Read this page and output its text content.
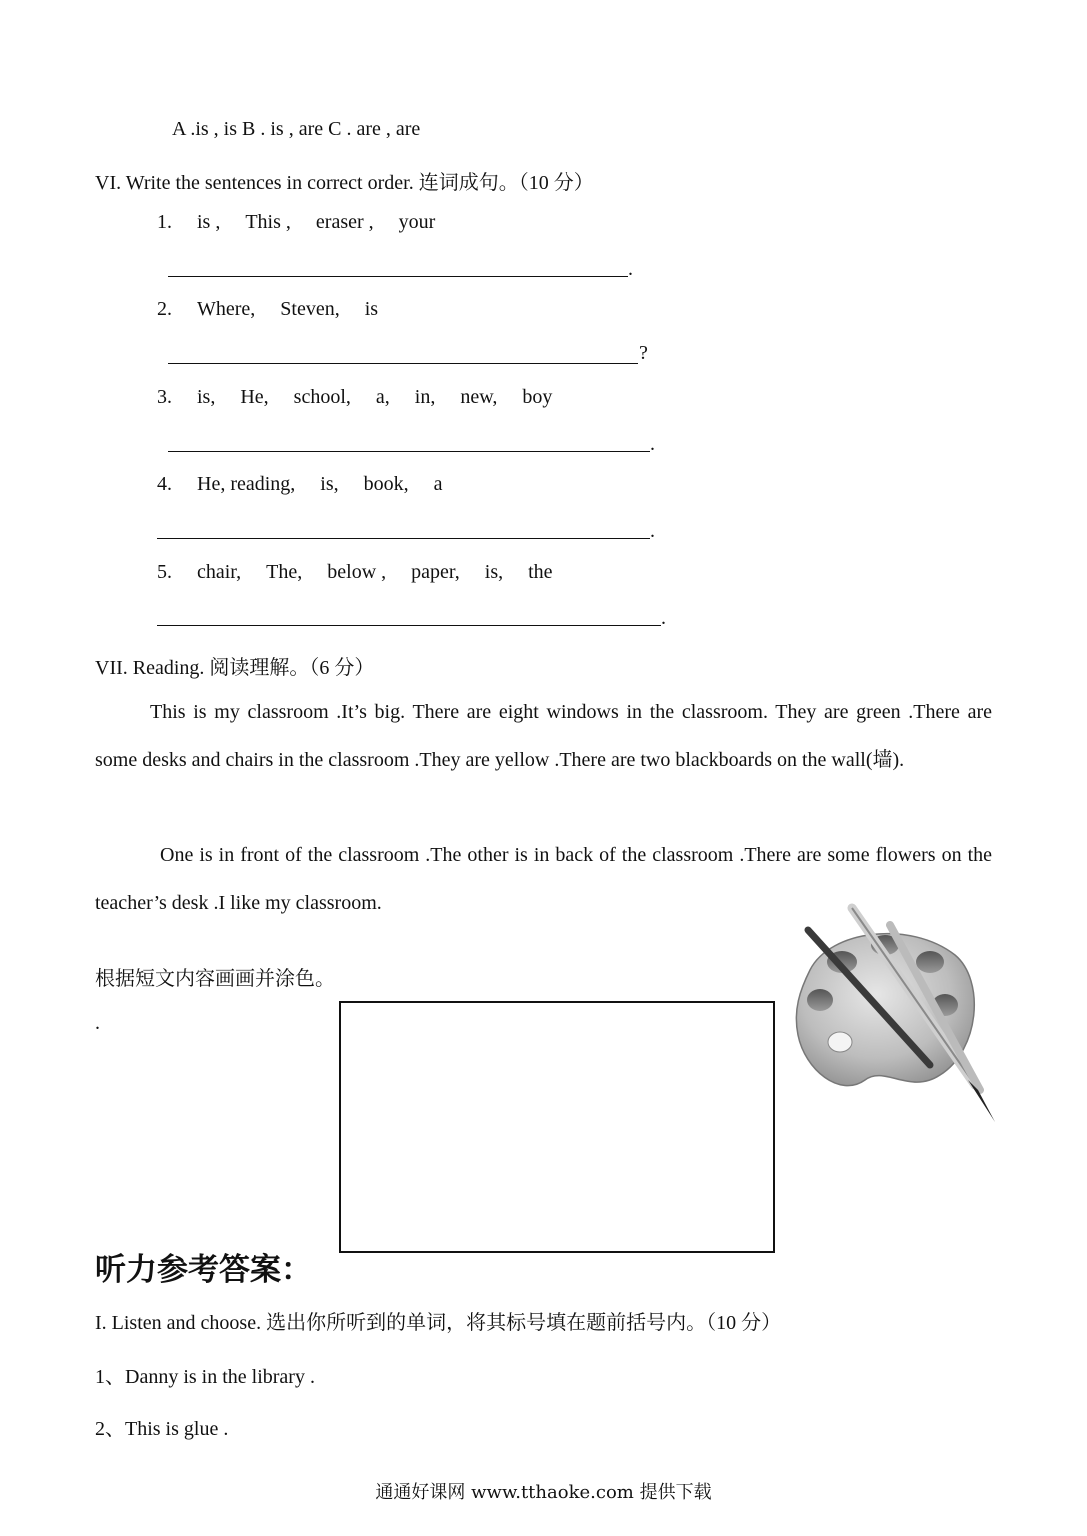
A .is , is B . is , are C . are , are
VI. Write the sentences in correct order. 连词成句。（10 分）
1. is , This , eraser , your
.
2. Where, Steven, is
?
3. is, He, school, a, in, new, boy
.
4. He, reading, is, book, a
.
5. chair, The, below , paper, is, the
.
VII. Reading. 阅读理解。（6 分）
This is my classroom .It’s big. There are eight windows in the classroom. They are green .There are some desks and chairs in the classroom .They are yellow .There are two blackboards on the wall(墙).
One is in front of the classroom .The other is in back of the classroom .There are some flowers on the teacher’s desk .I like my classroom.
根据短文内容画画并涂色。
.
听力参考答案：
I. Listen and choose. 选出你所听到的单词，将其标号填在题前括号内。（10 分）
1、Danny is in the library .
2、This is glue .
通通好课网 www.tthaoke.com 提供下载
